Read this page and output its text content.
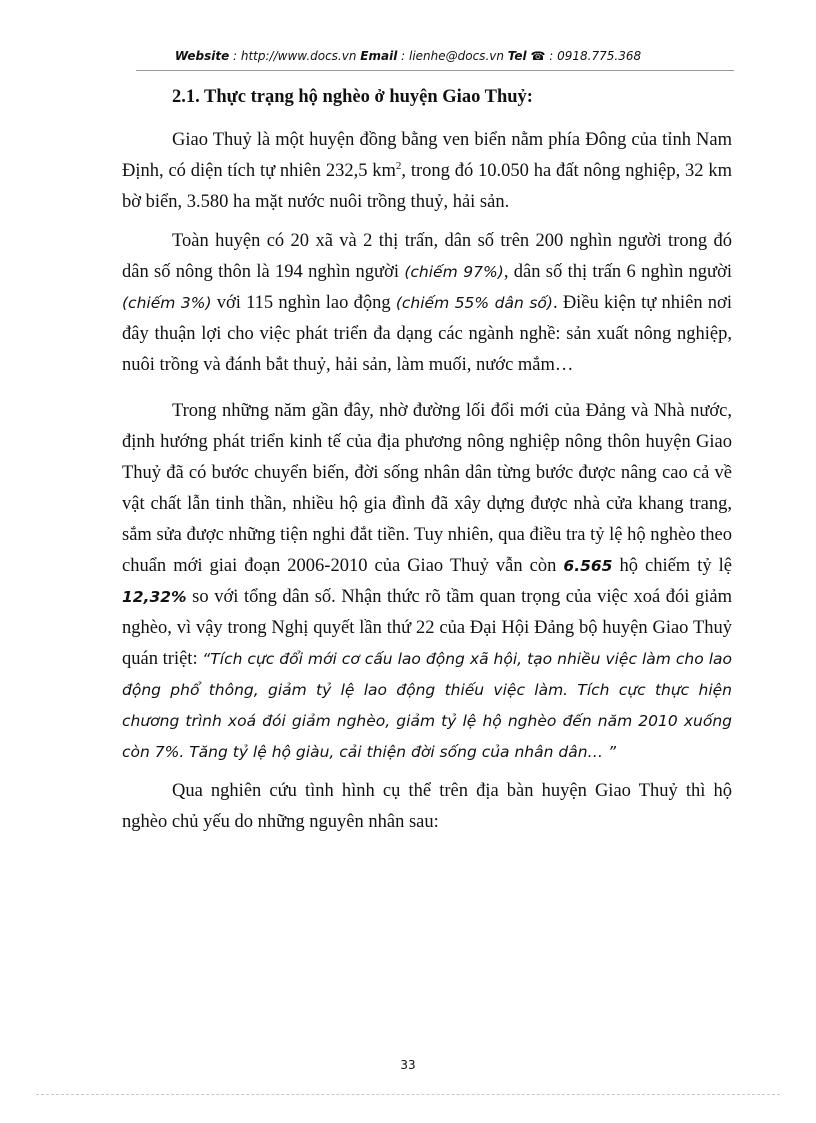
Website : http://www.docs.vn Email : lienhe@docs.vn Tel ☎ : 0918.775.368
2.1. Thực trạng hộ nghèo ở huyện Giao Thuỷ:

Giao Thuỷ là một huyện đồng bằng ven biển nằm phía Đông của tỉnh Nam Định, có diện tích tự nhiên 232,5 $km^2$, trong đó 10.050 ha đất nông nghiệp, 32 km bờ biển, 3.580 ha mặt nước nuôi trồng thuỷ, hải sản.

Toàn huyện có 20 xã và 2 thị trấn, dân số trên 200 nghìn người trong đó dân số nông thôn là 194 nghìn người (chiếm 97%), dân số thị trấn 6 nghìn người (chiếm 3%) với 115 nghìn lao động (chiếm 55% dân số). Điều kiện tự nhiên nơi đây thuận lợi cho việc phát triển đa dạng các ngành nghề: sản xuất nông nghiệp, nuôi trồng và đánh bắt thuỷ, hải sản, làm muối, nước mắm…

Trong những năm gần đây, nhờ đường lối đổi mới của Đảng và Nhà nước, định hướng phát triển kinh tế của địa phương nông nghiệp nông thôn huyện Giao Thuỷ đã có bước chuyển biến, đời sống nhân dân từng bước được nâng cao cả về vật chất lẫn tinh thần, nhiều hộ gia đình đã xây dựng được nhà cửa khang trang, sắm sửa được những tiện nghi đắt tiền. Tuy nhiên, qua điều tra tỷ lệ hộ nghèo theo chuẩn mới giai đoạn 2006-2010 của Giao Thuỷ vẫn còn 6.565 hộ chiếm tỷ lệ 12,32% so với tổng dân số. Nhận thức rõ tầm quan trọng của việc xoá đói giảm nghèo, vì vậy trong Nghị quyết lần thứ 22 của Đại Hội Đảng bộ huyện Giao Thuỷ quán triệt: “Tích cực đổi mới cơ cấu lao động xã hội, tạo nhiều việc làm cho lao động phổ thông, giảm tỷ lệ lao động thiếu việc làm. Tích cực thực hiện chương trình xoá đói giảm nghèo, giảm tỷ lệ hộ nghèo đến năm 2010 xuống còn 7%. Tăng tỷ lệ hộ giàu, cải thiện đời sống của nhân dân… ”

Qua nghiên cứu tình hình cụ thể trên địa bàn huyện Giao Thuỷ thì hộ nghèo chủ yếu do những nguyên nhân sau:

33
